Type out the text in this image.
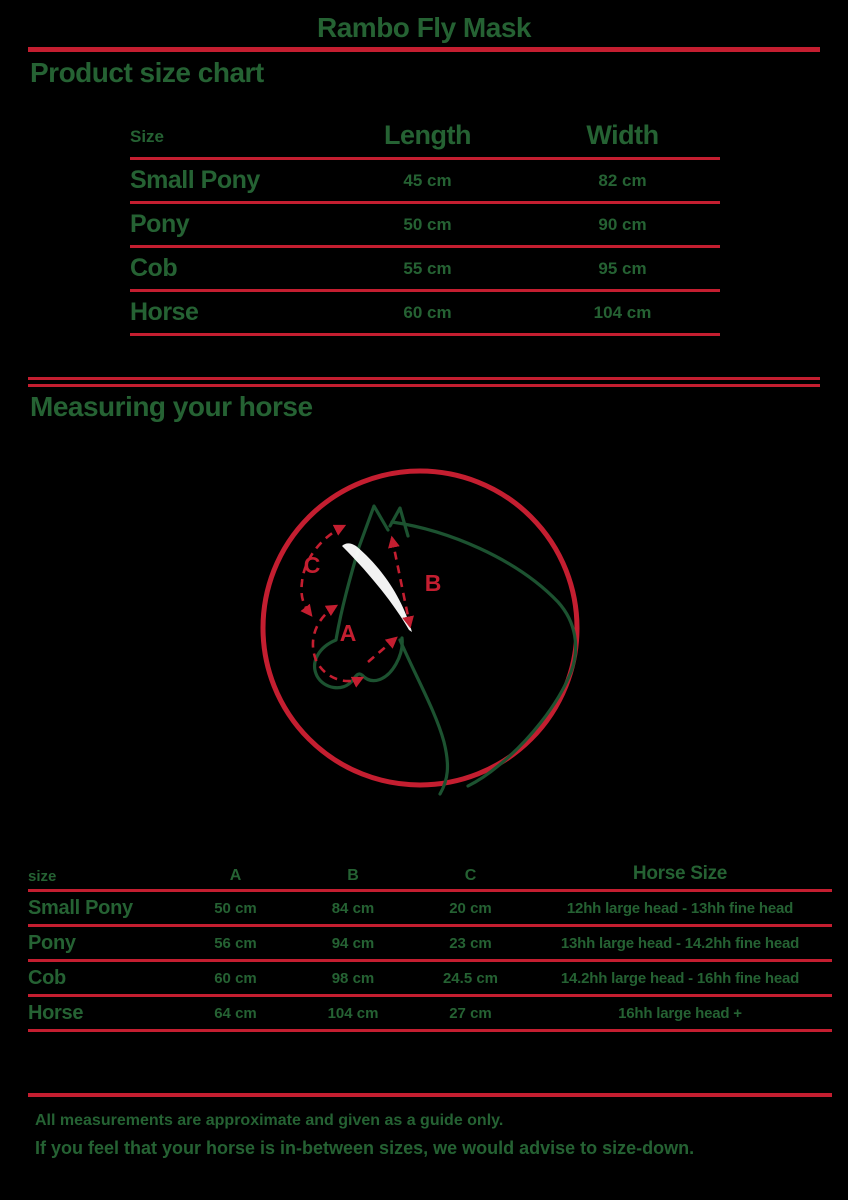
Rambo Fly Mask
Product size chart
Size	Length	Width
Small Pony	45 cm	82 cm
Pony	50 cm	90 cm
Cob	55 cm	95 cm
Horse	60 cm	104 cm
Measuring your horse
C
B
A
size	A	B	C	Horse Size
Small Pony	50 cm	84 cm	20 cm	12hh large head - 13hh fine head
Pony	56 cm	94 cm	23 cm	13hh large head - 14.2hh fine head
Cob	60 cm	98 cm	24.5 cm	14.2hh large head - 16hh fine head
Horse	64 cm	104 cm	27 cm	16hh large head +
All measurements are approximate and given as a guide only.
If you feel that your horse is in-between sizes, we would advise to size-down.
